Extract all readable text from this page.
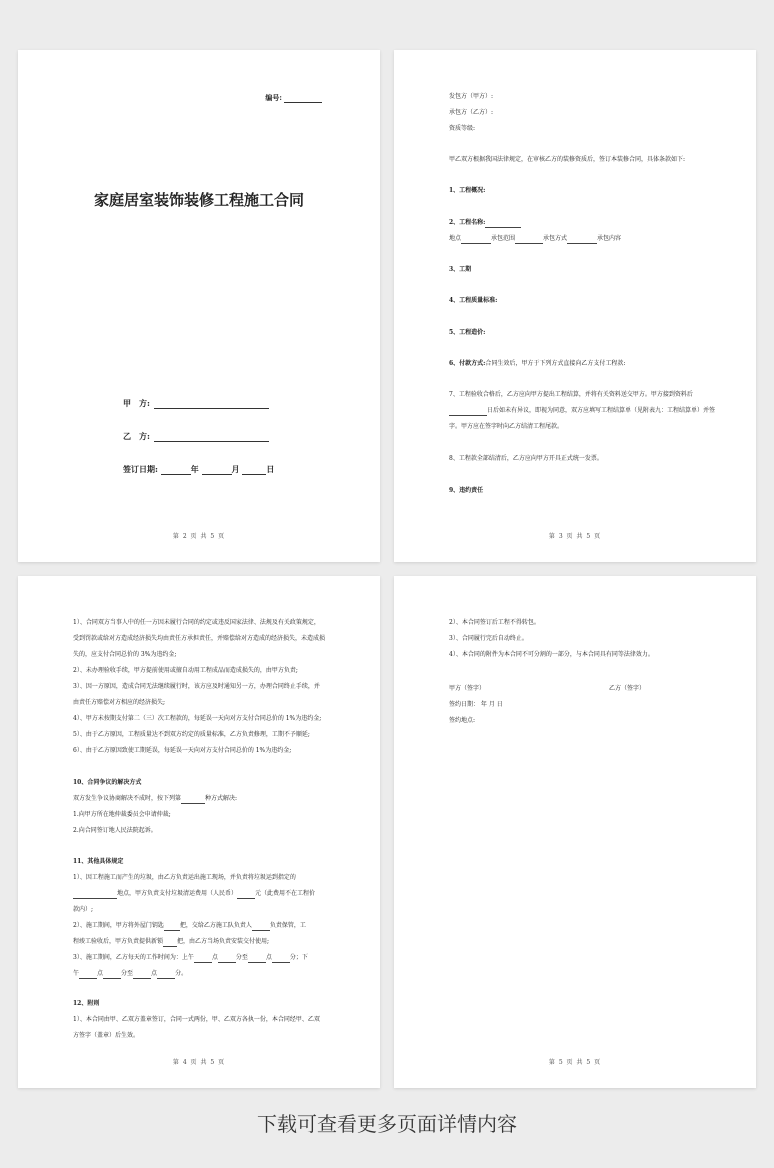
编号:
家庭居室装饰装修工程施工合同
甲　方:
乙　方:
签订日期:	年	月	日
第 2 页 共 5 页
发包方（甲方）:
承包方（乙方）:
资质等级:
甲乙双方根据我国法律规定，在审核乙方的装修资质后，签订本装修合同，具体条款如下:
1、工程概况:
2、工程名称:
地点	承包范围	承包方式	承包内容
3、工期
4、工程质量标准:
5、工程造价:
6、付款方式:合同生效后，甲方于下列方式直接向乙方支付工程款:
7、工程验收合格后，乙方应向甲方提出工程结算，并将有关资料送交甲方。甲方接到资料后
日后如未有异议，即视为同意，双方应填写工程结算单（见附表九：工程结算单）并签
字。甲方应在签字时向乙方结清工程尾款。
8、工程款全部结清后，乙方应向甲方开具正式统一发票。
9、违约责任
第 3 页 共 5 页
1）、合同双方当事人中的任一方因未履行合同的约定或违反国家法律、法规及有关政策规定，
受到罚款或给对方造成经济损失均由责任方承担责任，并赔偿给对方造成的经济损失，未造成损
失的，应支付合同总价的 3%为违约金;
2）、未办理验收手续，甲方提前使用或擅自动用工程成品而造成损失的，由甲方负责;
3）、因一方原因，造成合同无法继续履行时，该方应及时通知另一方，办理合同终止手续，并
由责任方赔偿对方相应的经济损失;
4）、甲方未按期支付第二（三）次工程款的，每延误一天向对方支付合同总价的 1%为违约金;
5）、由于乙方原因，工程质量达不到双方约定的质量标准，乙方负责修理，工期不予顺延;
6）、由于乙方原因致使工期延误，每延误一天向对方支付合同总价的 1%为违约金;
10、合同争议的解决方式
双方发生争议协商解决不成时，按下列第	种方式解决:
1.向甲方所在地仲裁委员会申请仲裁;
2.向合同签订地人民法院起诉。
11、其他具体规定
1）、因工程施工而产生的垃圾，由乙方负责运出施工现场，并负责将垃圾运到指定的
地点，甲方负责支付垃圾清运费用（人民币）	元（此费用不在工程价
款内）;
2）、施工期间，甲方将外屋门钥匙	把，交给乙方施工队负责人	负责保管，工
程竣工验收后，甲方负责提供新锁 把，由乙方当场负责安装交付使用;
3）、施工期间，乙方每天的工作时间为：上午	点	分至	点	分；下
午	点	分至	点	分。
12、附则
1）、本合同由甲、乙双方盖章签订，合同一式两份，甲、乙双方各执一份，本合同经甲、乙双
方签字（盖章）后生效。
第 4 页 共 5 页
2）、本合同签订后工程不得转包。
3）、合同履行完后自动终止。
4）、本合同的附件为本合同不可分割的一部分，与本合同具有同等法律效力。
甲方（签字）	乙方（签字）
签约日期： 年 月 日
签约地点:
第 5 页 共 5 页
下载可查看更多页面详情内容
